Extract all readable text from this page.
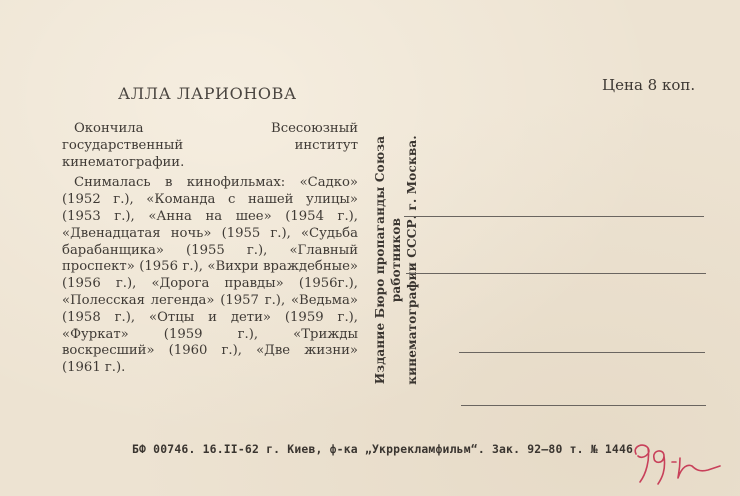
АЛЛА ЛАРИОНОВА	Цена 8 коп.

Окончила Всесоюзный государственный институт кинематографии.

Снималась в кинофильмах: «Садко» (1952 г.), «Команда с нашей улицы» (1953 г.), «Анна на шее» (1954 г.), «Двенадцатая ночь» (1955 г.), «Судьба барабанщика» (1955 г.), «Главный проспект» (1956 г.), «Вихри враждебные» (1956 г.), «Дорога правды» (1956г.), «Полесская легенда» (1957 г.), «Ведьма» (1958 г.), «Отцы и дети» (1959 г.), «Фуркат» (1959 г.), «Трижды воскресший» (1960 г.), «Две жизни» (1961 г.).	Издание Бюро пропаганды Союза работников кинематографии СССР. г. Москва.
БФ 00746. 16.II-62 г. Киев, ф-ка „Укррекламфильм“. Зак. 92—80 т. № 1446
